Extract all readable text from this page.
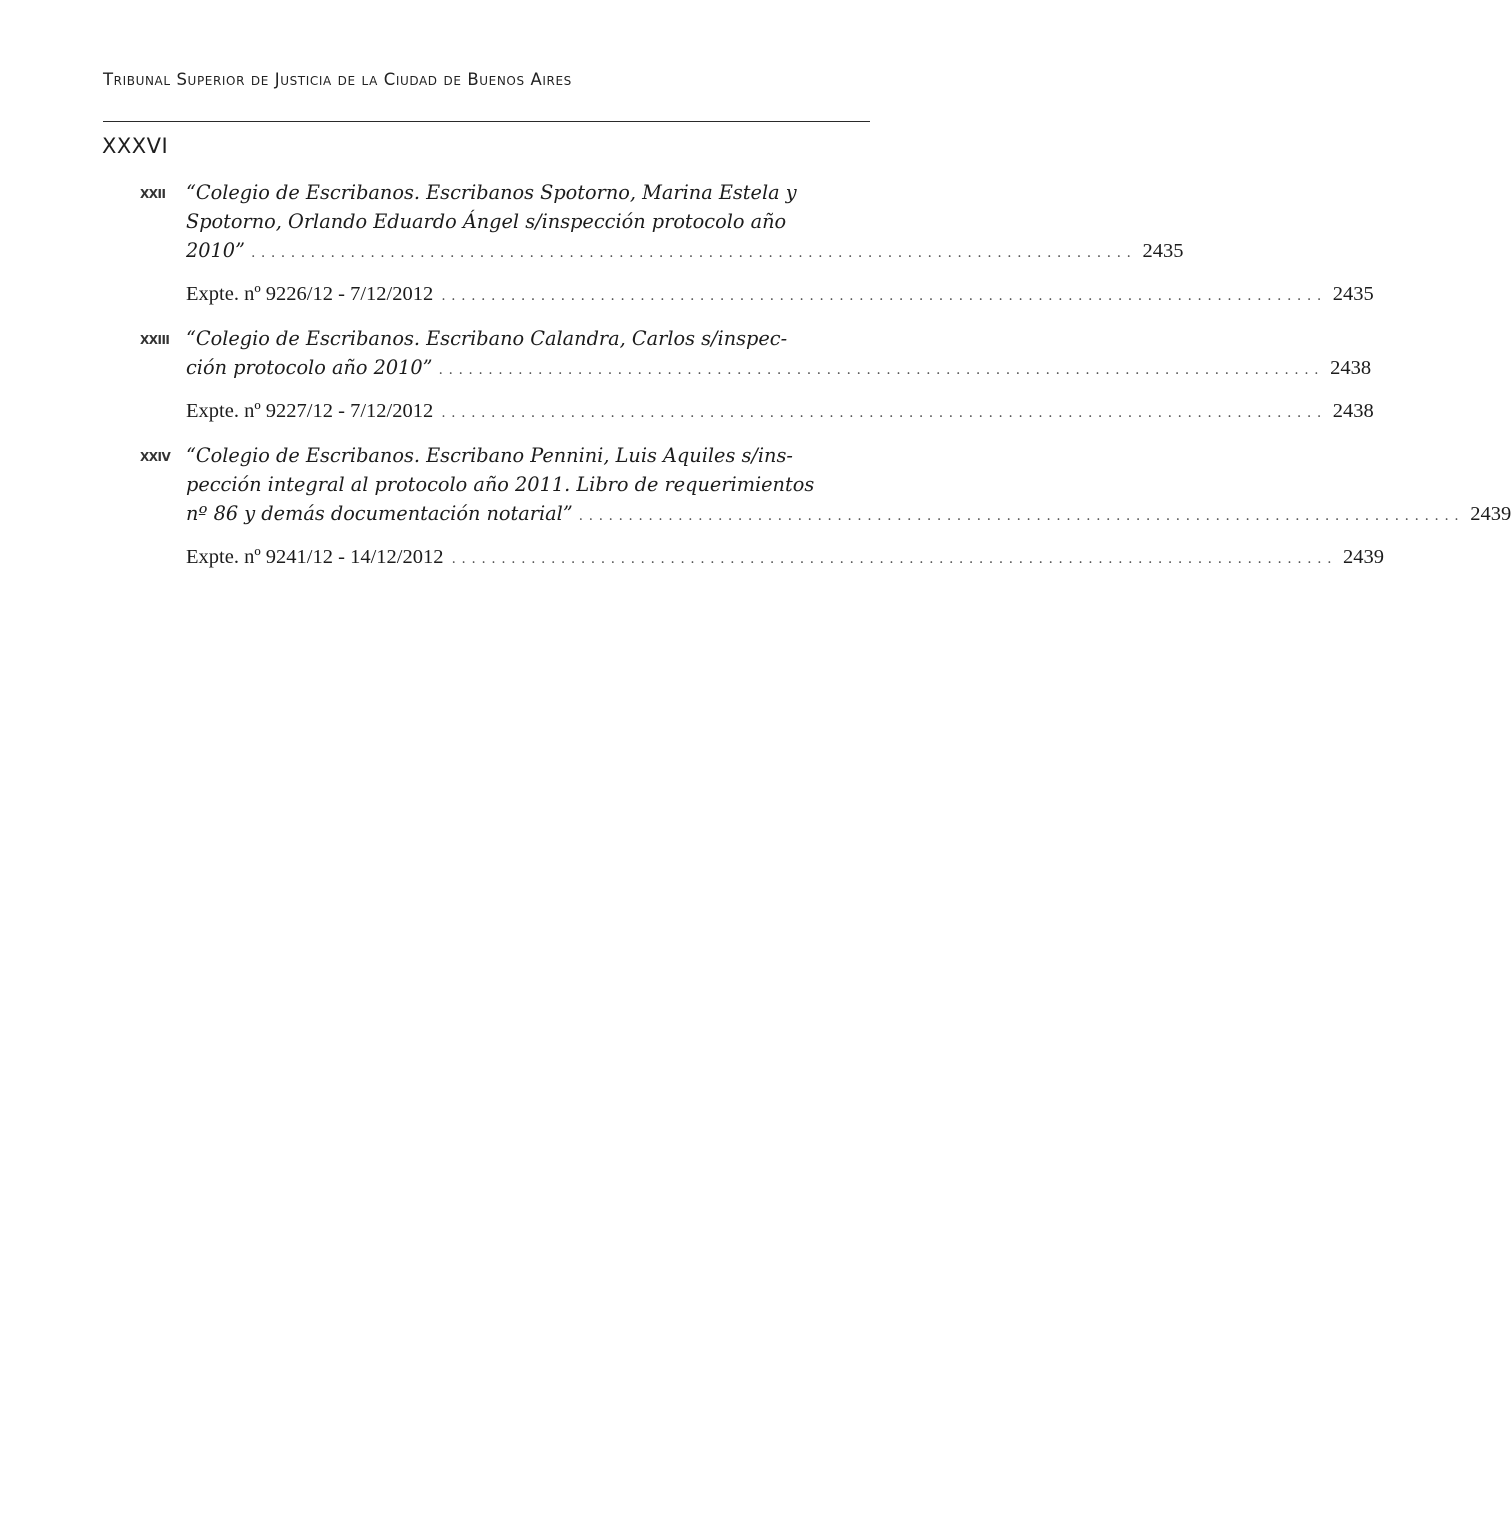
Tribunal Superior de Justicia de la Ciudad de Buenos Aires
XXXVI
XXII “Colegio de Escribanos. Escribanos Spotorno, Marina Estela y
Spotorno, Orlando Eduardo Ángel s/inspección protocolo año
2010” ......................................................................................... 2435
Expte. nº 9226/12 - 7/12/2012 ......................................................................................... 2435
XXIII “Colegio de Escribanos. Escribano Calandra, Carlos s/inspec-
ción protocolo año 2010” ......................................................................................... 2438
Expte. nº 9227/12 - 7/12/2012 ......................................................................................... 2438
XXIV “Colegio de Escribanos. Escribano Pennini, Luis Aquiles s/ins-
pección integral al protocolo año 2011. Libro de requerimientos
nº 86 y demás documentación notarial” ......................................................................................... 2439
Expte. nº 9241/12 - 14/12/2012 ......................................................................................... 2439
